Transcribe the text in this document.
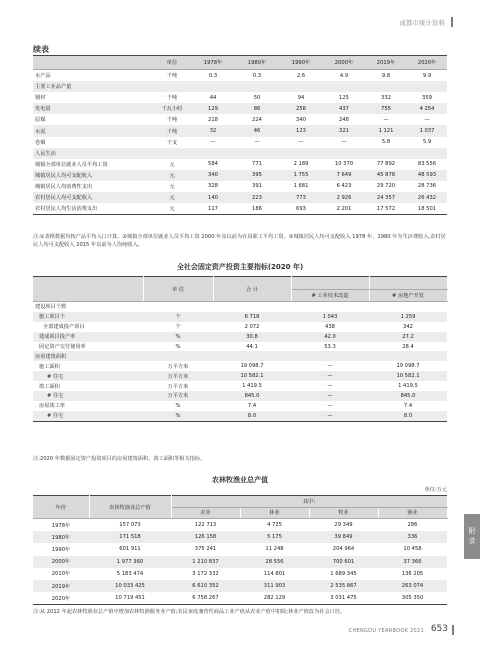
成都市统计资料
续表
	单位	1978年	1980年	1990年	2000年	2019年	2020年
水产品	千吨	0.3	0.3	2.6	4.9	9.8	9.9
主要工业品产量							
钢材	千吨	44	50	94	125	332	359
发电量	千瓦小时	129	86	258	437	755	4 254
原煤	千吨	218	224	340	248	—	—
水泥	千吨	32	46	123	321	1 121	1 037
卷烟	千支	—	—	—	—	5.8	5.9
人民生活							
城镇全部单位就业人员平均工资	元	584	771	2 189	10 370	77 892	83 556
城镇居民人均可支配收入	元	340	395	1 755	7 649	45 878	48 593
城镇居民人均消费性支出	元	328	391	1 681	6 423	29 720	28 736
农村居民人均可支配收入	元	140	223	773	2 926	24 357	26 432
农村居民人均生活消费支出	元	117	186	693	2 201	17 572	18 501
注:①表格数据均按产品平均入口计算。②城镇全部单位就业人员平均工资 2000 年及以前为在岗职工平均工资。③城镇居民人均可支配收入 1978 年、1980 年为生活费收入,农村居民人均可支配收入 2015 年以前为人均纯收入。
全社会固定资产投资主要指标(2020 年)
	单 位	合 计		
			# 工业技术改造	# 房地产开发
建设项目个数				
施工项目个	个	6 718	1 043	1 259
全部建成投产项目	个	2 072	438	342
建成项目投产率	%	30.8	42.0	27.2
固定资产交付使用率	%	44.1	53.3	28.4
房屋建筑面积				
施工面积	万平方米	19 098.7	—	19 098.7
# 住宅	万平方米	10 582.1	—	10 582.1
竣工面积	万平方米	1 419.5	—	1 419.5
# 住宅	万平方米	845.0	—	845.0
房屋竣工率	%	7.4	—	7.4
# 住宅	%	8.0	—	8.0
注:2020 年数据固定资产投资项目的房屋建筑面积、竣工面积等相关指标。
农林牧渔业总产值
单位:万元
年份	农林牧渔业总产值	其中:			
		农业	林业	牧业	渔业
1978年	157 073	122 713	4 725	29 349	286
1980年	171 518	126 158	5 175	39 849	336
1990年	601 911	375 241	11 248	204 964	10 458
2000年	1 977 360	1 210 837	28 556	700 601	37 366
2010年	5 183 474	3 172 332	114 801	1 689 345	136 205
2019年	10 033 425	6 610 352	311 903	2 535 867	263 074
2020年	10 719 451	6 758 267	282 129	3 031 475	305 350
注:从 2012 年起农林牧渔业总产值中增加农林牧渔服务业产值;农民家庭兼营性商品工业产值从农业产值中扣除;林业产值改为社会口径。
附录
CHENGDU YEARBOOK 2021 653
